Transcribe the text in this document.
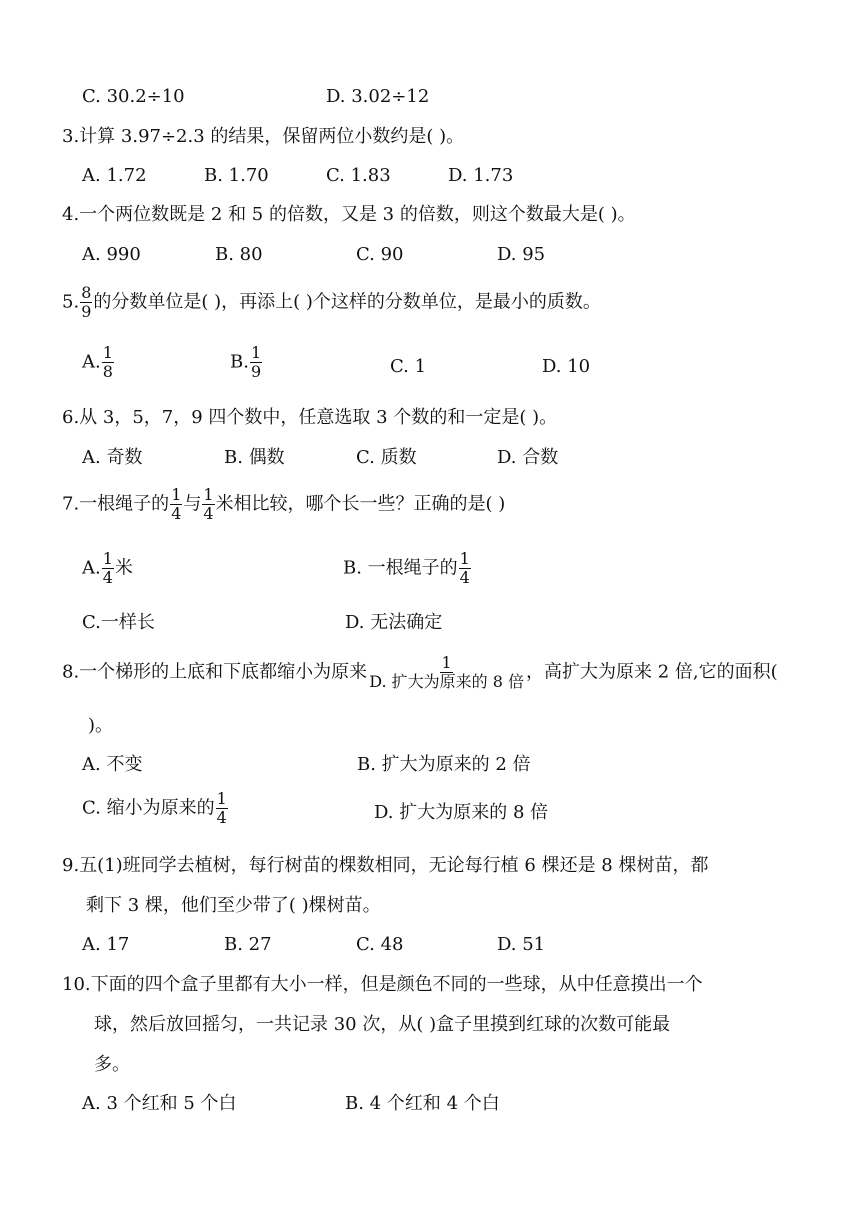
C. 30.2÷10	D. 3.02÷12
3.计算 3.97÷2.3 的结果，保留两位小数约是( )。
A. 1.72	B. 1.70	C. 1.83	D. 1.73
4.一个两位数既是 2 和 5 的倍数，又是 3 的倍数，则这个数最大是( )。
A. 990	B. 80	C. 90	D. 95
5. $\frac{8}{9}$ 的分数单位是( )，再添上( )个这样的分数单位，是最小的质数。
A. $\frac{1}{8}$	B. $\frac{1}{9}$	C. 1	D. 10
6.从 3，5，7，9 四个数中，任意选取 3 个数的和一定是( )。
A. 奇数	B. 偶数	C. 质数	D. 合数
7.一根绳子的 $\frac{1}{4}$ 与 $\frac{1}{4}$ 米相比较，哪个长一些？正确的是( )
A. $\frac{1}{4}$ 米	B. 一根绳子的 $\frac{1}{4}$
C.一样长	D. 无法确定
8.一个梯形的上底和下底都缩小为原来 $\frac{1}{\text{D. 扩大为原来的 8 倍}}$ ，高扩大为原来 2 倍,它的面积(
)。
A. 不变	B. 扩大为原来的 2 倍
C. 缩小为原来的 $\frac{1}{4}$	D. 扩大为原来的 8 倍
9.五(1)班同学去植树，每行树苗的棵数相同，无论每行植 6 棵还是 8 棵树苗，都
剩下 3 棵，他们至少带了( )棵树苗。
A. 17	B. 27	C. 48	D. 51
10.下面的四个盒子里都有大小一样，但是颜色不同的一些球，从中任意摸出一个
球，然后放回摇匀，一共记录 30 次，从( )盒子里摸到红球的次数可能最
多。
A. 3 个红和 5 个白	B. 4 个红和 4 个白
